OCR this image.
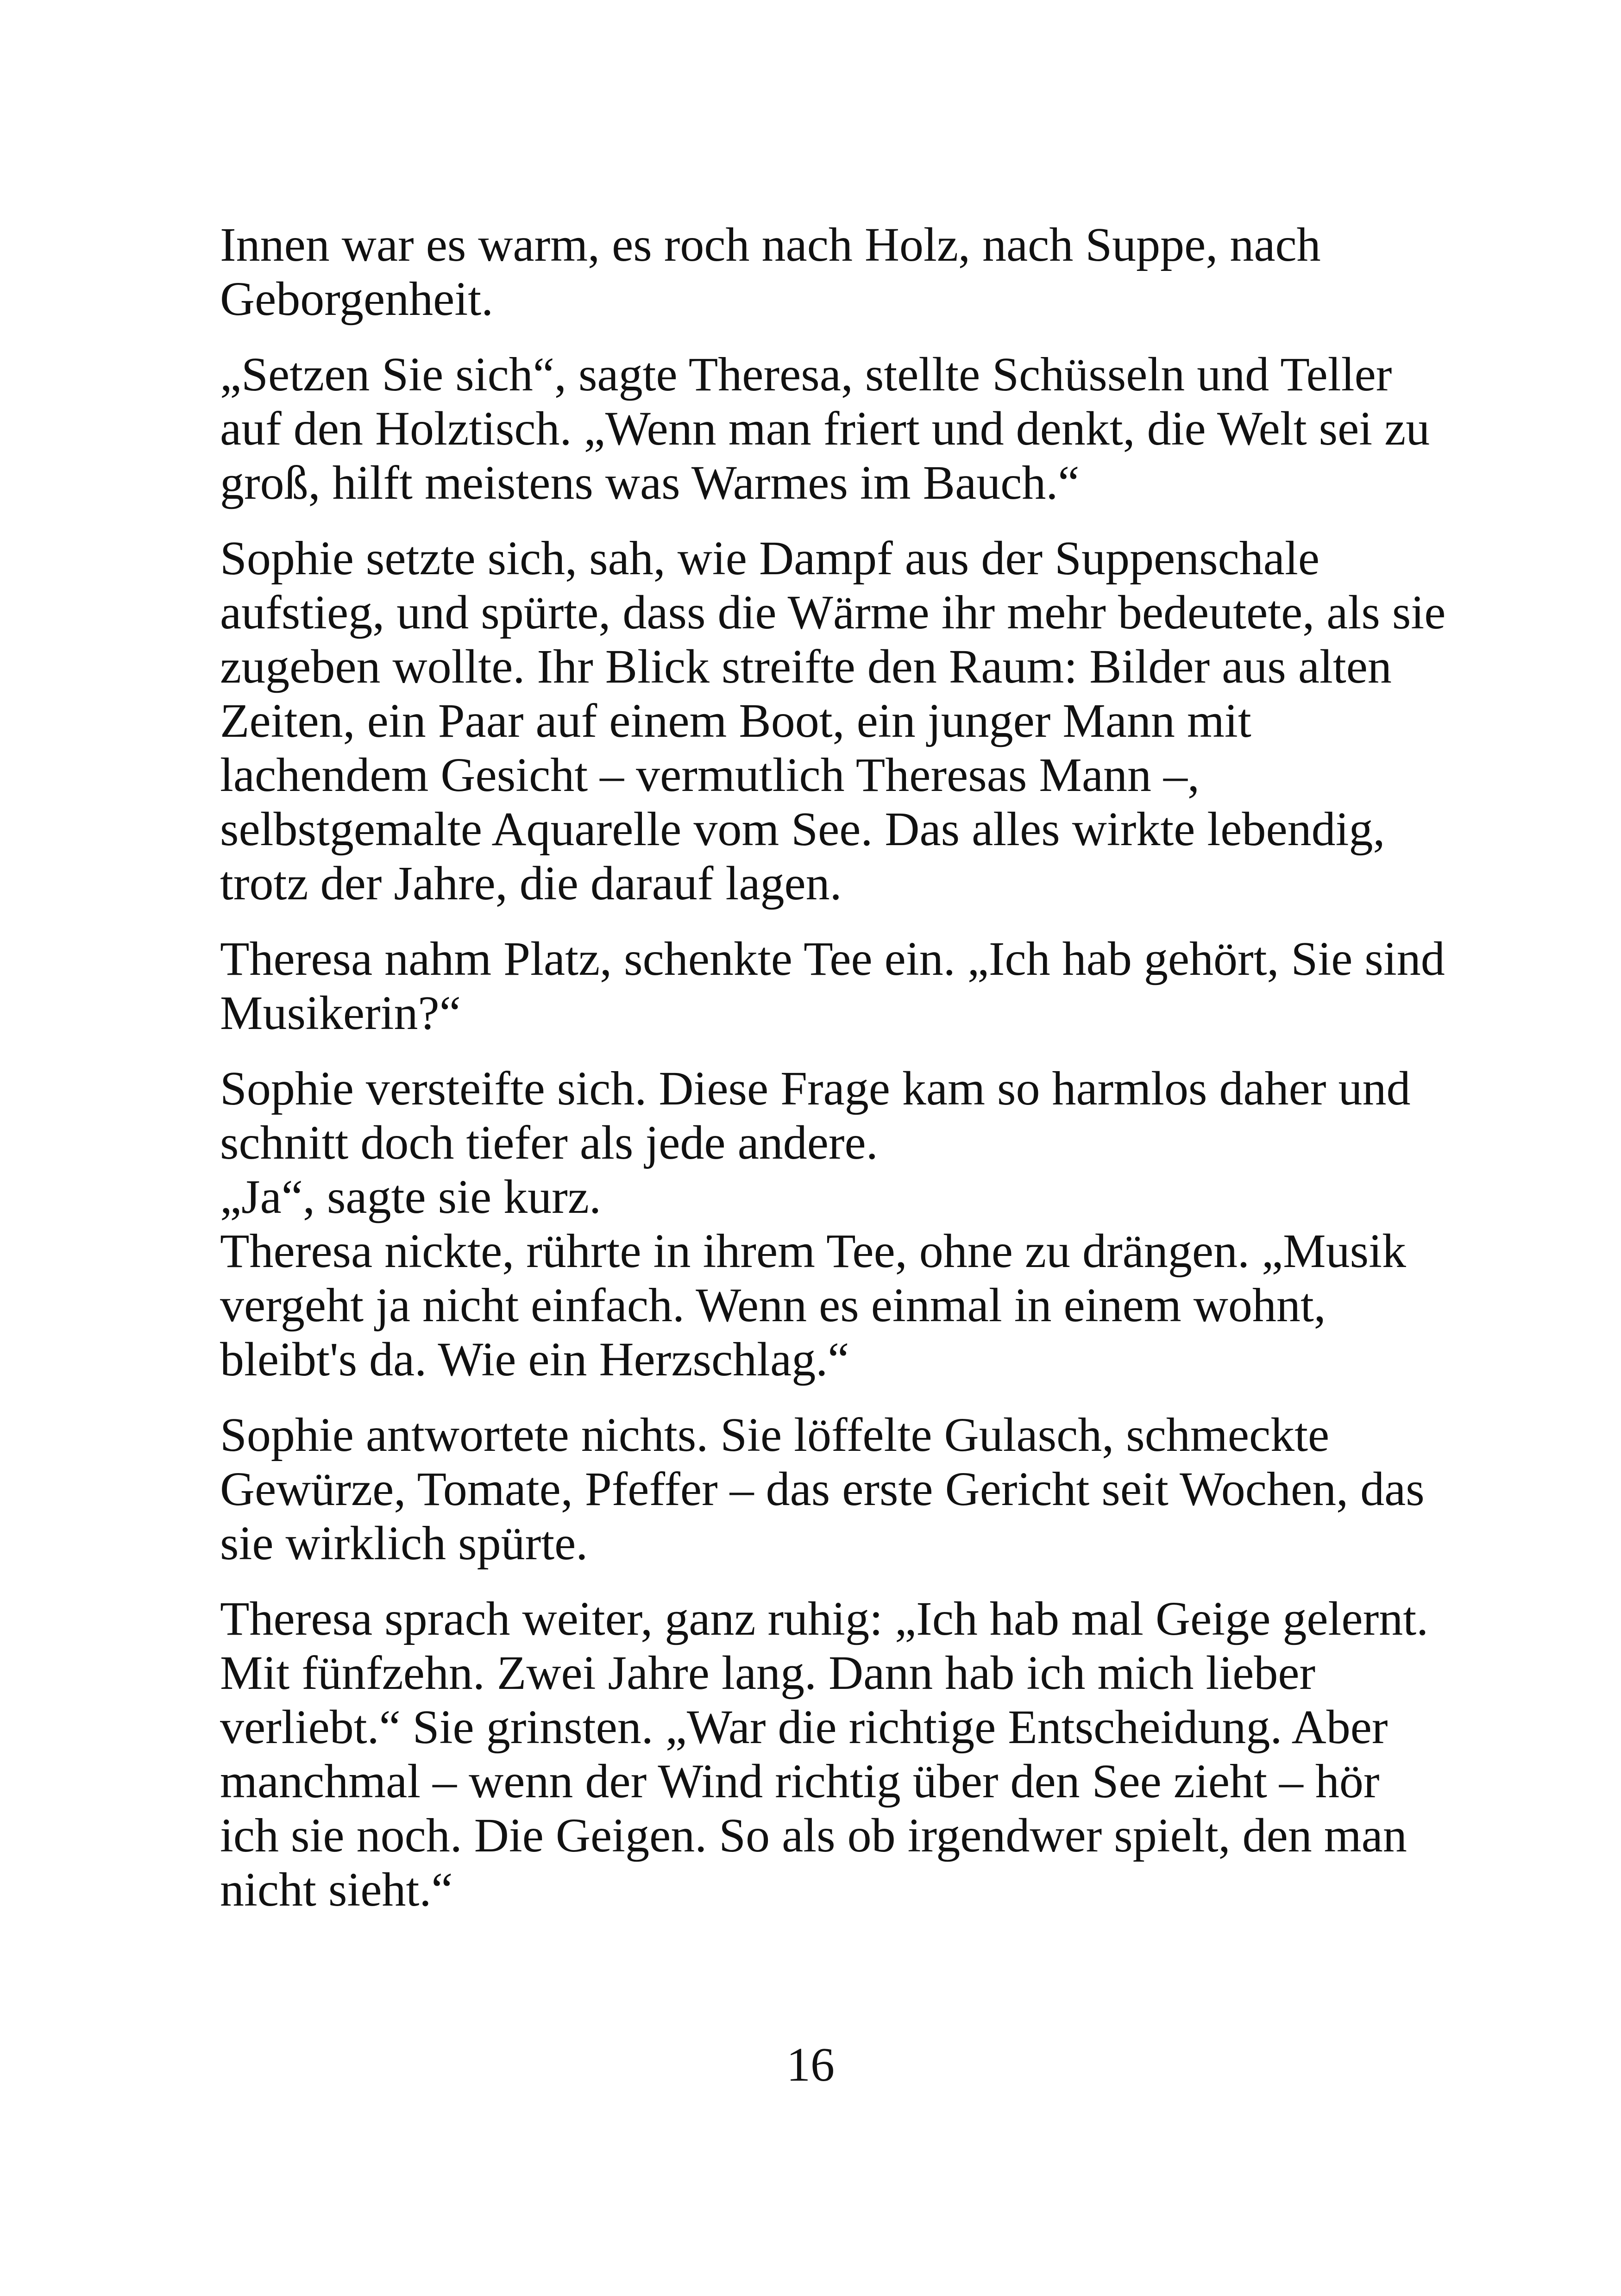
Innen war es warm, es roch nach Holz, nach Suppe, nach
Geborgenheit.

„Setzen Sie sich“, sagte Theresa, stellte Schüsseln und Teller
auf den Holztisch. „Wenn man friert und denkt, die Welt sei zu
groß, hilft meistens was Warmes im Bauch.“

Sophie setzte sich, sah, wie Dampf aus der Suppenschale
aufstieg, und spürte, dass die Wärme ihr mehr bedeutete, als sie
zugeben wollte. Ihr Blick streifte den Raum: Bilder aus alten
Zeiten, ein Paar auf einem Boot, ein junger Mann mit
lachendem Gesicht – vermutlich Theresas Mann –,
selbstgemalte Aquarelle vom See. Das alles wirkte lebendig,
trotz der Jahre, die darauf lagen.

Theresa nahm Platz, schenkte Tee ein. „Ich hab gehört, Sie sind
Musikerin?“

Sophie versteifte sich. Diese Frage kam so harmlos daher und
schnitt doch tiefer als jede andere.
„Ja“, sagte sie kurz.
Theresa nickte, rührte in ihrem Tee, ohne zu drängen. „Musik
vergeht ja nicht einfach. Wenn es einmal in einem wohnt,
bleibt's da. Wie ein Herzschlag.“

Sophie antwortete nichts. Sie löffelte Gulasch, schmeckte
Gewürze, Tomate, Pfeffer – das erste Gericht seit Wochen, das
sie wirklich spürte.

Theresa sprach weiter, ganz ruhig: „Ich hab mal Geige gelernt.
Mit fünfzehn. Zwei Jahre lang. Dann hab ich mich lieber
verliebt.“ Sie grinsten. „War die richtige Entscheidung. Aber
manchmal – wenn der Wind richtig über den See zieht – hör
ich sie noch. Die Geigen. So als ob irgendwer spielt, den man
nicht sieht.“

16
